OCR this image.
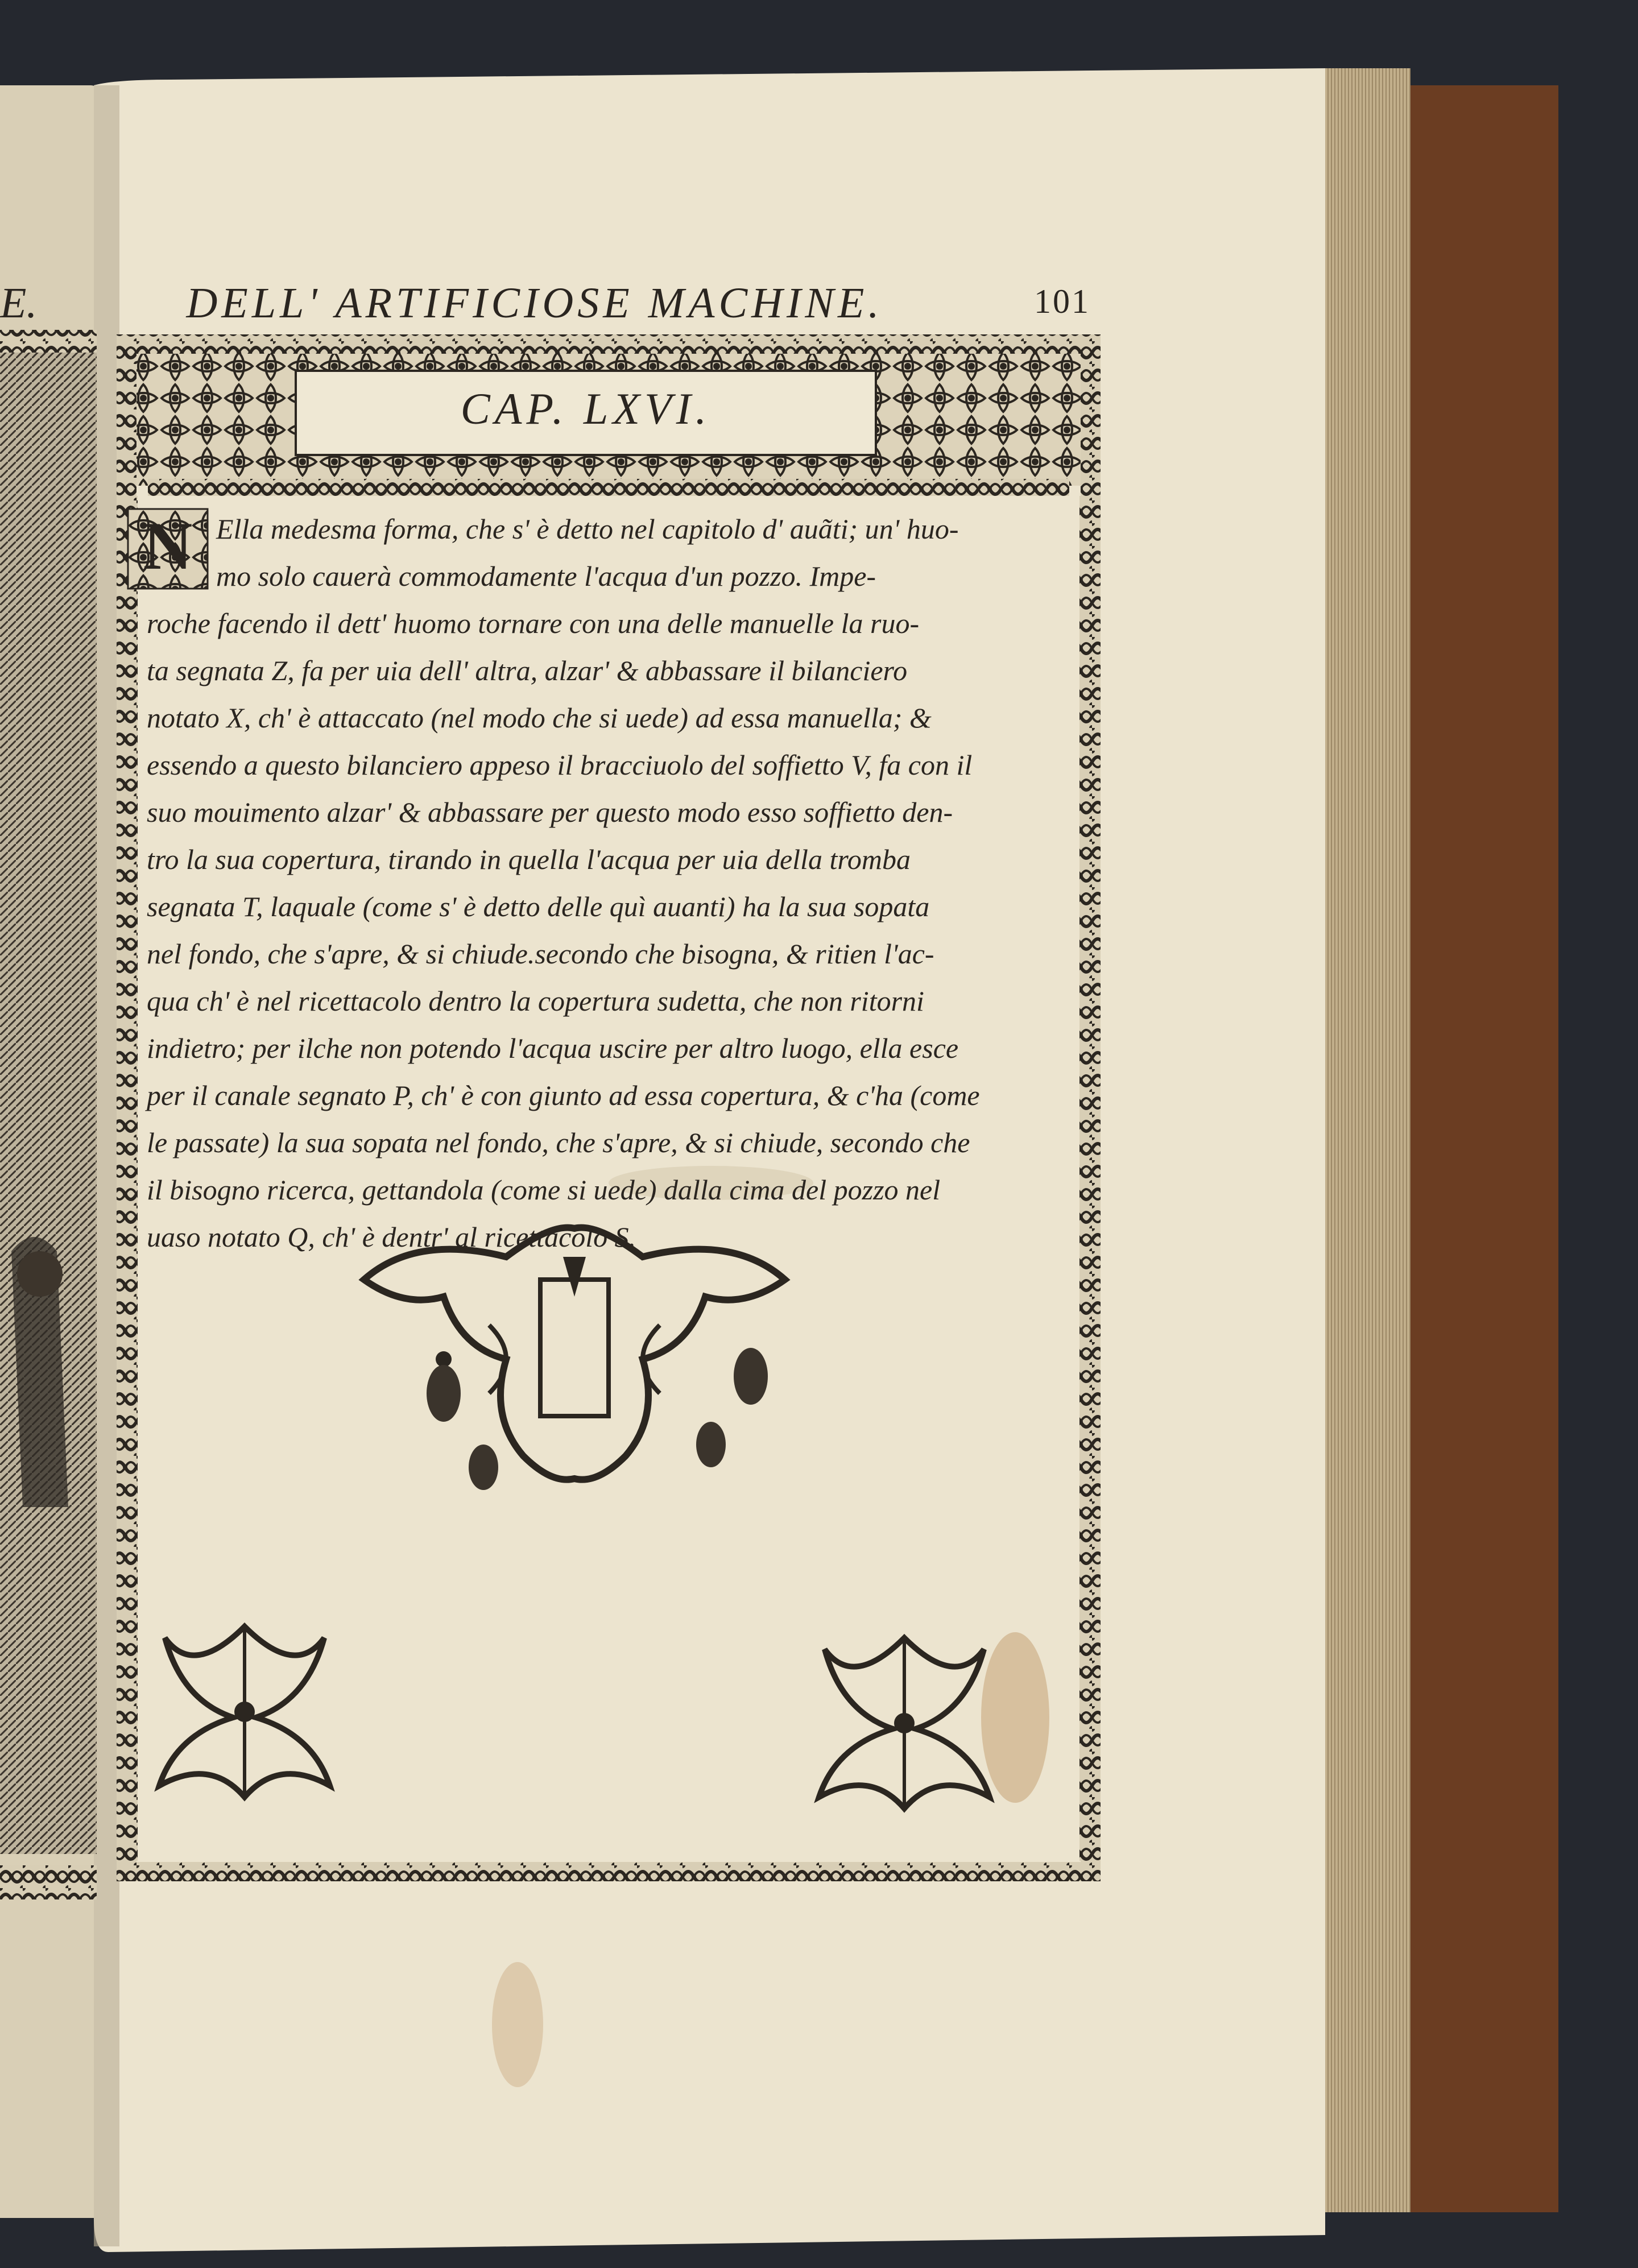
N
E.	DELL' ARTIFICIOSE MACHINE.	101
CAP. LXVI.
Ella medesma forma, che s' è detto nel capitolo d' auãti; un' huo-
mo solo cauerà commodamente l'acqua d'un pozzo. Impe-
roche facendo il dett' huomo tornare con una delle manuelle la ruo-
ta segnata Z, fa per uia dell' altra, alzar' & abbassare il bilanciero
notato X, ch' è attaccato (nel modo che si uede) ad essa manuella; &
essendo a questo bilanciero appeso il bracciuolo del soffietto V, fa con il
suo mouimento alzar' & abbassare per questo modo esso soffietto den-
tro la sua copertura, tirando in quella l'acqua per uia della tromba
segnata T, laquale (come s' è detto delle quì auanti) ha la sua sopata
nel fondo, che s'apre, & si chiude.secondo che bisogna, & ritien l'ac-
qua ch' è nel ricettacolo dentro la copertura sudetta, che non ritorni
indietro; per ilche non potendo l'acqua uscire per altro luogo, ella esce
per il canale segnato P, ch' è con giunto ad essa copertura, & c'ha (come
le passate) la sua sopata nel fondo, che s'apre, & si chiude, secondo che
il bisogno ricerca, gettandola (come si uede) dalla cima del pozzo nel
uaso notato Q, ch' è dentr' al ricettacolo S.
